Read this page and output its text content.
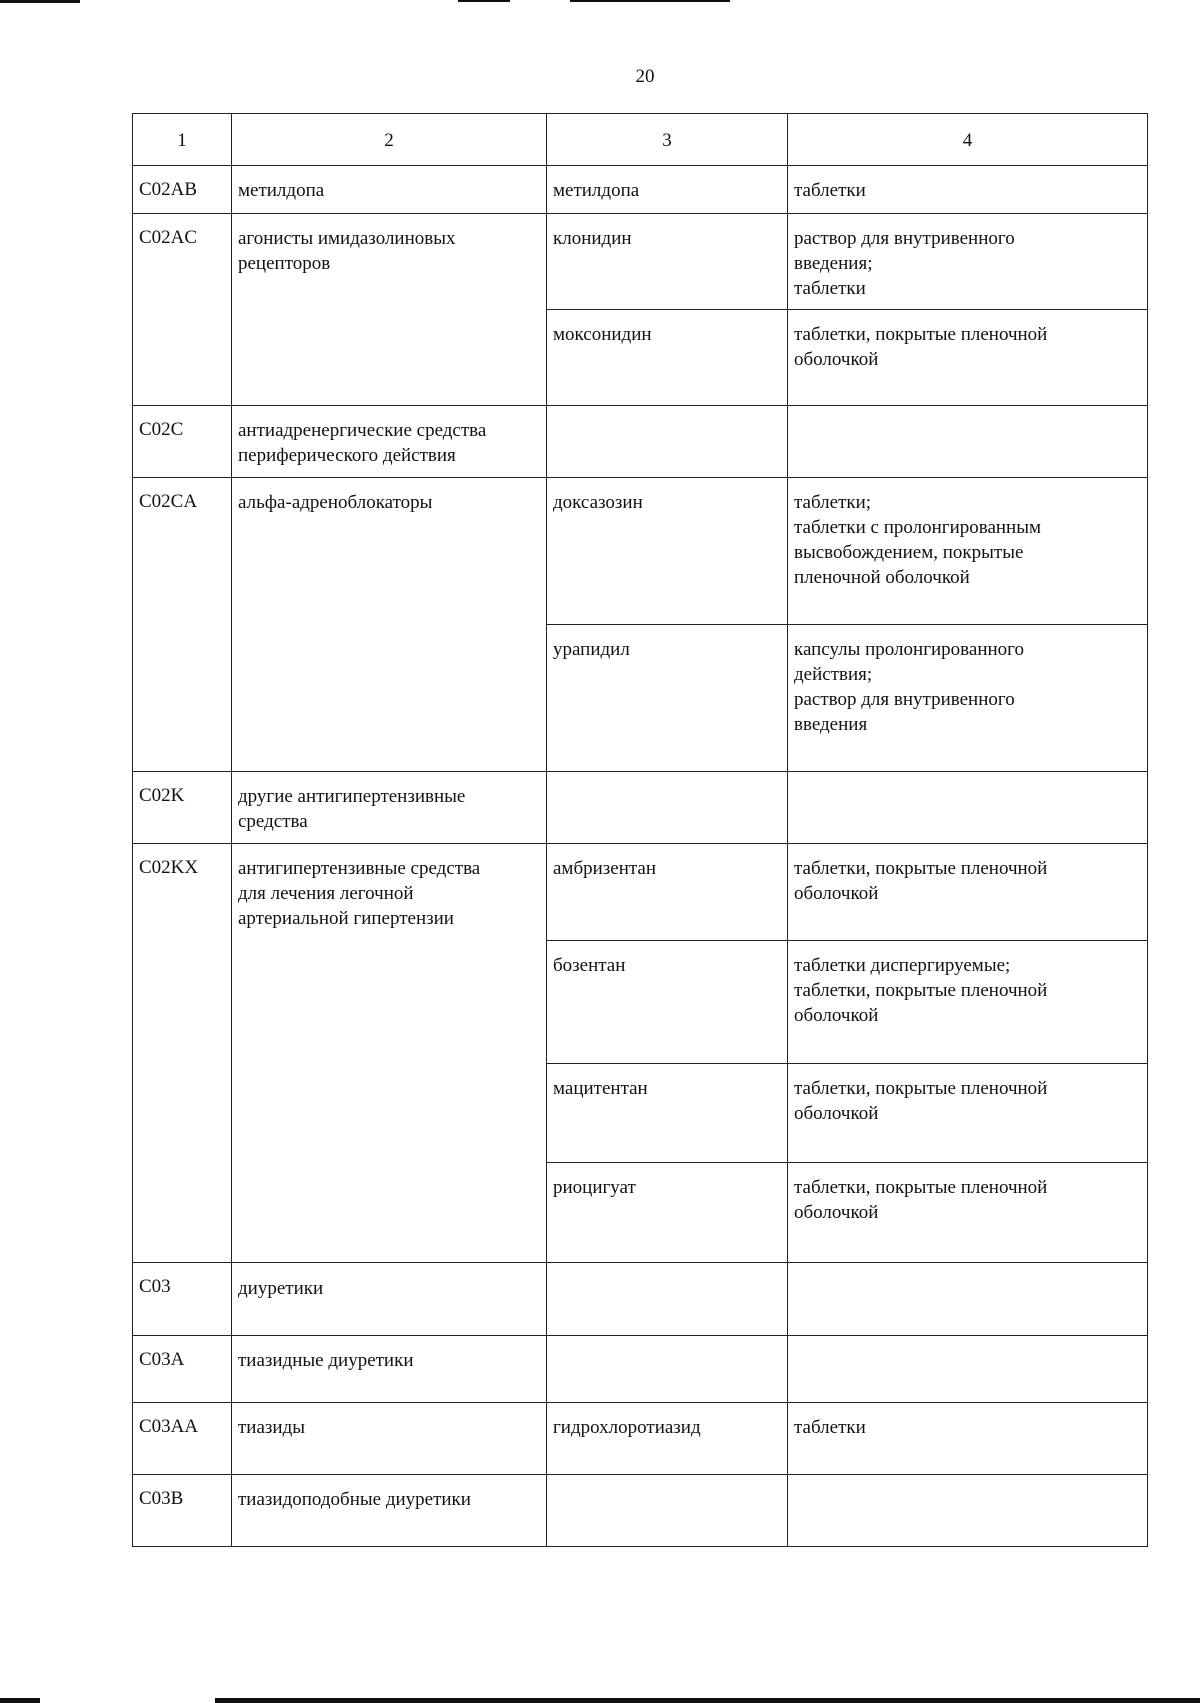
20
1	2	3	4
C02AB	метилдопа	метилдопа	таблетки

C02AC	агонисты имидазолиновых
рецепторов	клонидин	раствор для внутривенного
введения;
таблетки

		моксонидин	таблетки, покрытые пленочной
оболочкой

C02C	антиадренергические средства
периферического действия		

C02CA	альфа-адреноблокаторы	доксазозин	таблетки;
таблетки с пролонгированным
высвобождением, покрытые
пленочной оболочкой

		урапидил	капсулы пролонгированного
действия;
раствор для внутривенного
введения

C02K	другие антигипертензивные
средства		

C02KX	антигипертензивные средства
для лечения легочной
артериальной гипертензии	амбризентан	таблетки, покрытые пленочной
оболочкой

		бозентан	таблетки диспергируемые;
таблетки, покрытые пленочной
оболочкой

		мацитентан	таблетки, покрытые пленочной
оболочкой

		риоцигуат	таблетки, покрытые пленочной
оболочкой

C03	диуретики		

C03A	тиазидные диуретики		

C03AA	тиазиды	гидрохлоротиазид	таблетки

C03B	тиазидоподобные диуретики		
